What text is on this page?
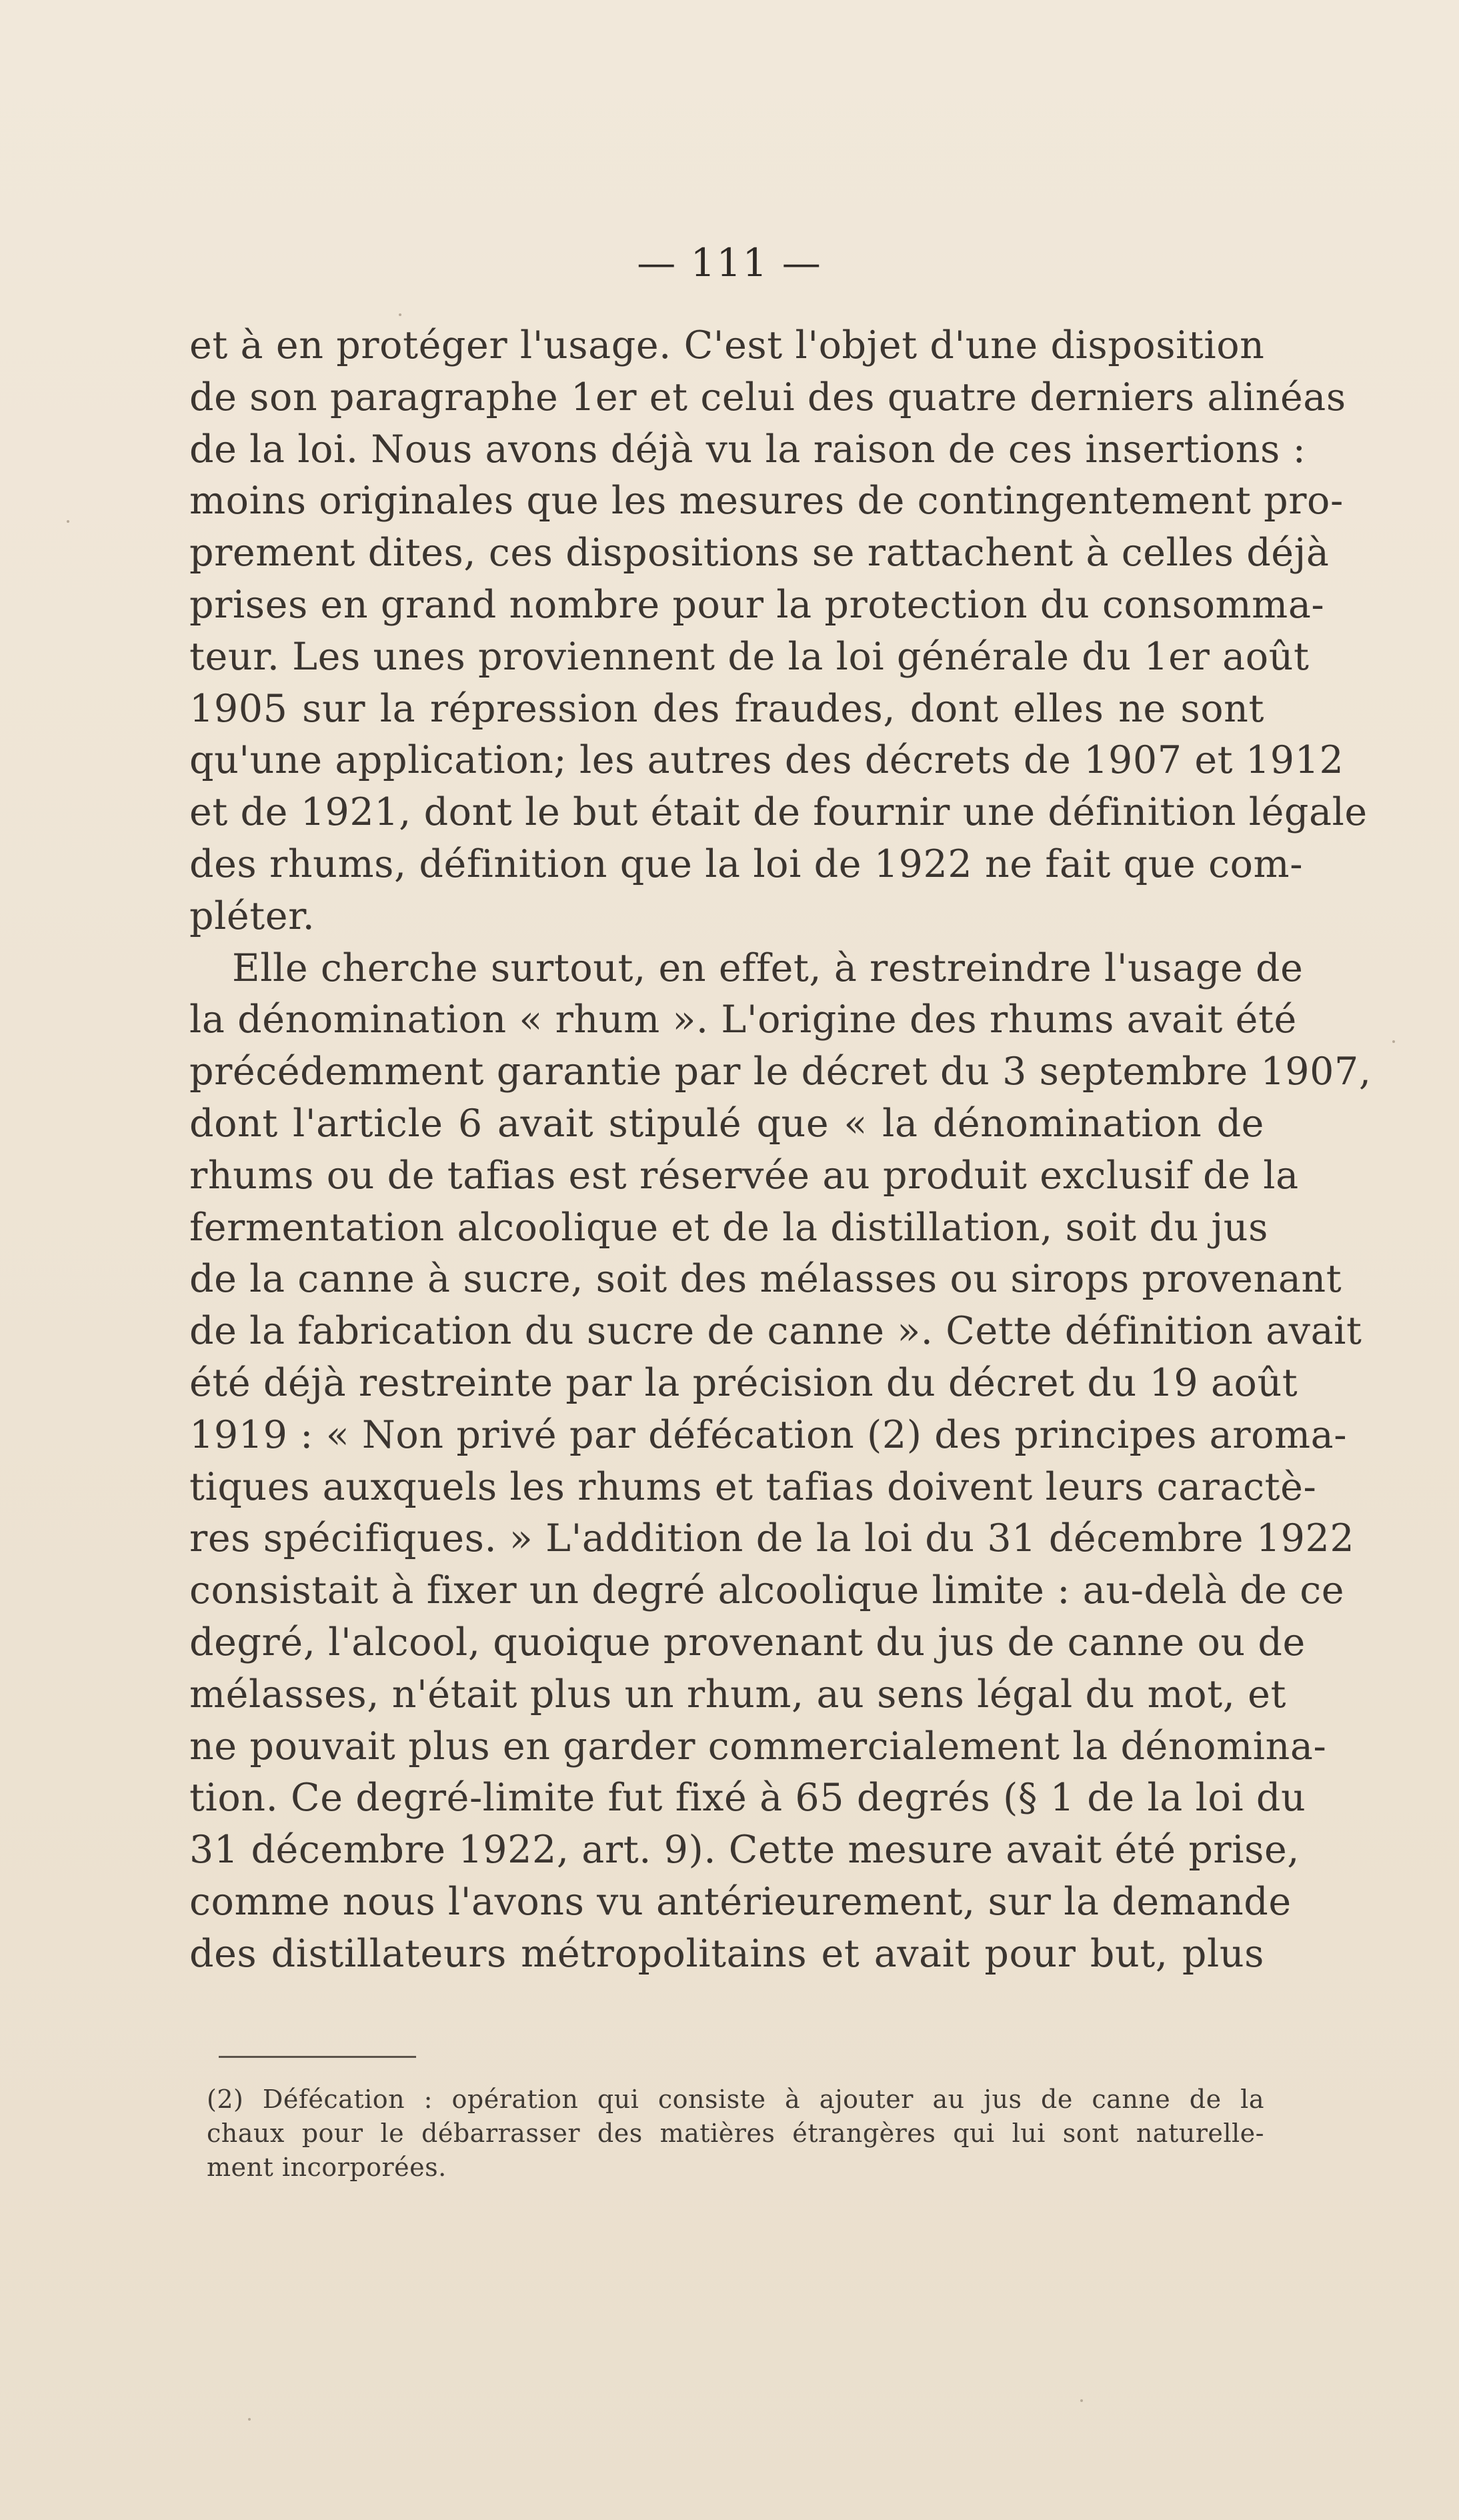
— 111 —
et à en protéger l'usage. C'est l'objet d'une disposition
de son paragraphe 1er et celui des quatre derniers alinéas
de la loi. Nous avons déjà vu la raison de ces insertions :
moins originales que les mesures de contingentement pro-
prement dites, ces dispositions se rattachent à celles déjà
prises en grand nombre pour la protection du consomma-
teur. Les unes proviennent de la loi générale du 1er août
1905 sur la répression des fraudes, dont elles ne sont
qu'une application; les autres des décrets de 1907 et 1912
et de 1921, dont le but était de fournir une définition légale
des rhums, définition que la loi de 1922 ne fait que com-
pléter.
Elle cherche surtout, en effet, à restreindre l'usage de
la dénomination « rhum ». L'origine des rhums avait été
précédemment garantie par le décret du 3 septembre 1907,
dont l'article 6 avait stipulé que « la dénomination de
rhums ou de tafias est réservée au produit exclusif de la
fermentation alcoolique et de la distillation, soit du jus
de la canne à sucre, soit des mélasses ou sirops provenant
de la fabrication du sucre de canne ». Cette définition avait
été déjà restreinte par la précision du décret du 19 août
1919 : « Non privé par défécation (2) des principes aroma-
tiques auxquels les rhums et tafias doivent leurs caractè-
res spécifiques. » L'addition de la loi du 31 décembre 1922
consistait à fixer un degré alcoolique limite : au-delà de ce
degré, l'alcool, quoique provenant du jus de canne ou de
mélasses, n'était plus un rhum, au sens légal du mot, et
ne pouvait plus en garder commercialement la dénomina-
tion. Ce degré-limite fut fixé à 65 degrés (§ 1 de la loi du
31 décembre 1922, art. 9). Cette mesure avait été prise,
comme nous l'avons vu antérieurement, sur la demande
des distillateurs métropolitains et avait pour but, plus
(2) Défécation : opération qui consiste à ajouter au jus de canne de la
chaux pour le débarrasser des matières étrangères qui lui sont naturelle-
ment incorporées.
